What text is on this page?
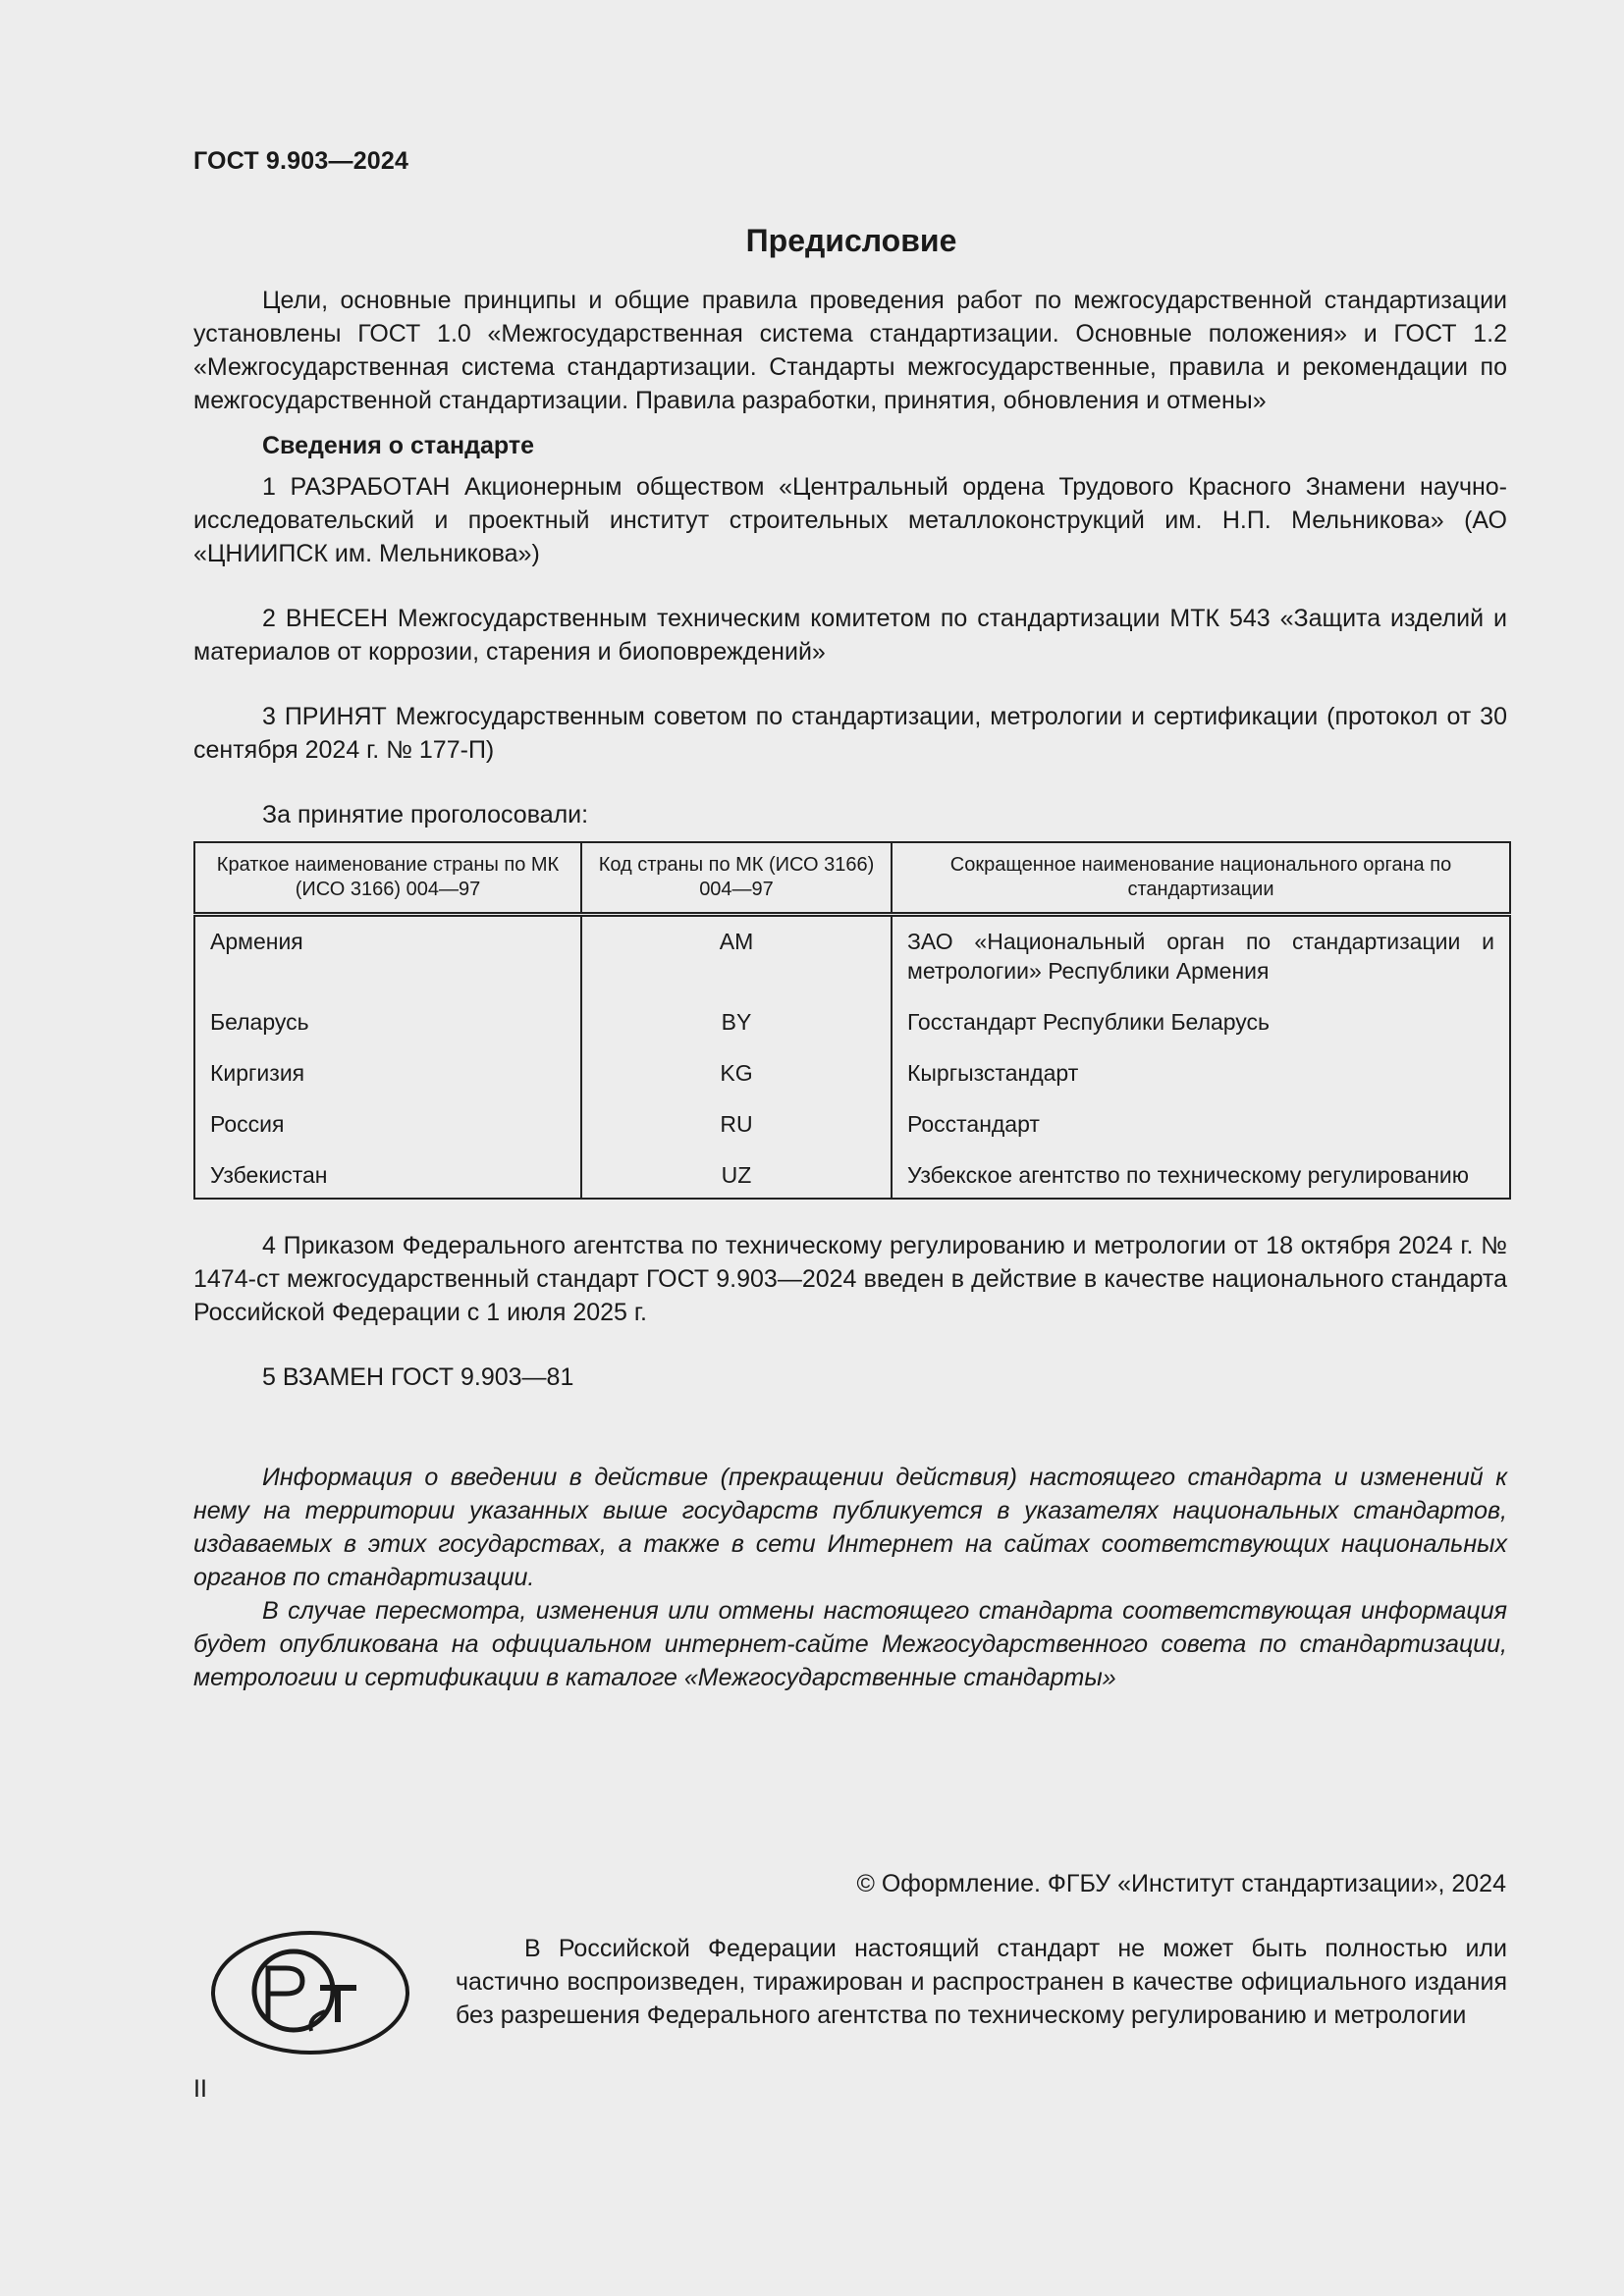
ГОСТ 9.903—2024
Предисловие

Цели, основные принципы и общие правила проведения работ по межгосударственной стандартизации установлены ГОСТ 1.0 «Межгосударственная система стандартизации. Основные положения» и ГОСТ 1.2 «Межгосударственная система стандартизации. Стандарты межгосударственные, правила и рекомендации по межгосударственной стандартизации. Правила разработки, принятия, обновления и отмены»

Сведения о стандарте

1 РАЗРАБОТАН Акционерным обществом «Центральный ордена Трудового Красного Знамени научно-исследовательский и проектный институт строительных металлоконструкций им. Н.П. Мельникова» (АО «ЦНИИПСК им. Мельникова»)

2 ВНЕСЕН Межгосударственным техническим комитетом по стандартизации МТК 543 «Защита изделий и материалов от коррозии, старения и биоповреждений»

3 ПРИНЯТ Межгосударственным советом по стандартизации, метрологии и сертификации (протокол от 30 сентября 2024 г. № 177-П)

За принятие проголосовали:
Краткое наименование страны по МК (ИСО 3166) 004—97	Код страны по МК (ИСО 3166) 004—97	Сокращенное наименование национального органа по стандартизации
Армения	AM	ЗАО «Национальный орган по стандартизации и метрологии» Республики Армения
Беларусь	BY	Госстандарт Республики Беларусь
Киргизия	KG	Кыргызстандарт
Россия	RU	Росстандарт
Узбекистан	UZ	Узбекское агентство по техническому регулированию

4 Приказом Федерального агентства по техническому регулированию и метрологии от 18 октября 2024 г. № 1474-ст межгосударственный стандарт ГОСТ 9.903—2024 введен в действие в качестве национального стандарта Российской Федерации с 1 июля 2025 г.

5 ВЗАМЕН ГОСТ 9.903—81

Информация о введении в действие (прекращении действия) настоящего стандарта и изменений к нему на территории указанных выше государств публикуется в указателях национальных стандартов, издаваемых в этих государствах, а также в сети Интернет на сайтах соответствующих национальных органов по стандартизации.

В случае пересмотра, изменения или отмены настоящего стандарта соответствующая информация будет опубликована на официальном интернет-сайте Межгосударственного совета по стандартизации, метрологии и сертификации в каталоге «Межгосударственные стандарты»

© Оформление. ФГБУ «Институт стандартизации», 2024

В Российской Федерации настоящий стандарт не может быть полностью или частично воспроизведен, тиражирован и распространен в качестве официального издания без разрешения Федерального агентства по техническому регулированию и метрологии

II
